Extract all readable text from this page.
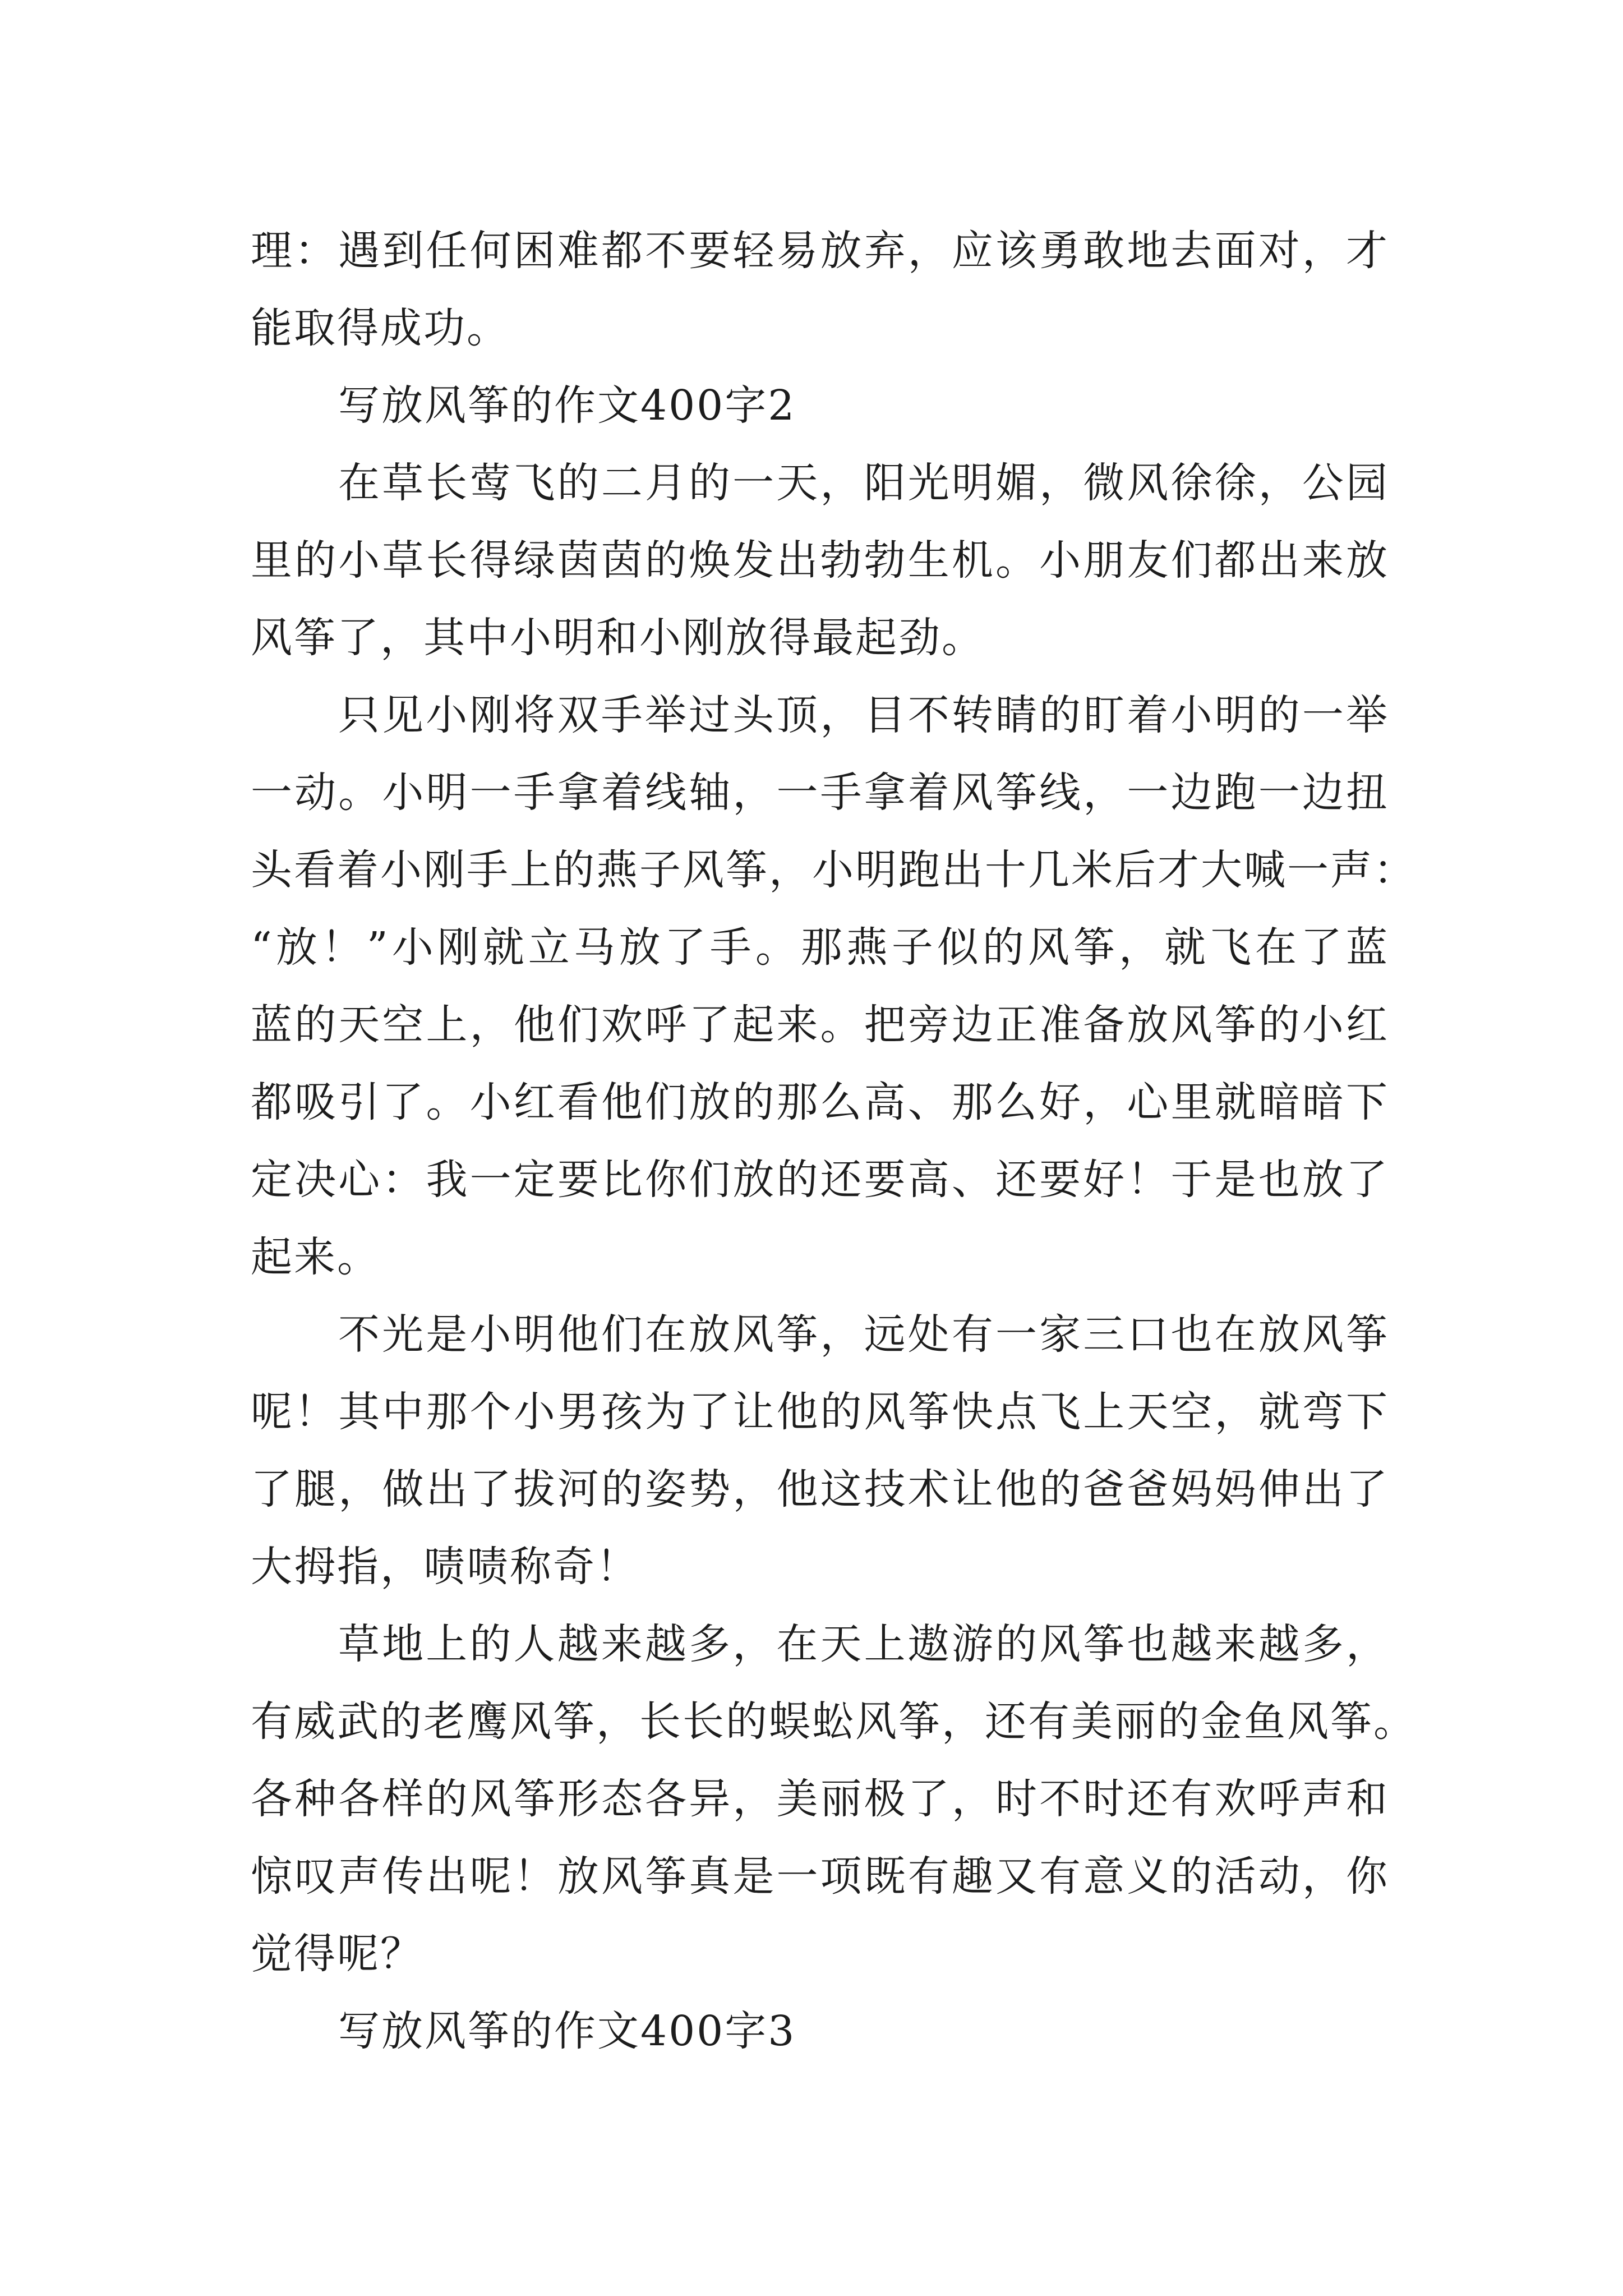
理：遇到任何困难都不要轻易放弃，应该勇敢地去面对，才
能取得成功。
写放风筝的作文400字2
在草长莺飞的二月的一天，阳光明媚，微风徐徐，公园
里的小草长得绿茵茵的焕发出勃勃生机。小朋友们都出来放
风筝了，其中小明和小刚放得最起劲。
只见小刚将双手举过头顶，目不转睛的盯着小明的一举
一动。小明一手拿着线轴，一手拿着风筝线，一边跑一边扭
头看着小刚手上的燕子风筝，小明跑出十几米后才大喊一声：
“放！”小刚就立马放了手。那燕子似的风筝，就飞在了蓝
蓝的天空上，他们欢呼了起来。把旁边正准备放风筝的小红
都吸引了。小红看他们放的那么高、那么好，心里就暗暗下
定决心：我一定要比你们放的还要高、还要好！于是也放了
起来。
不光是小明他们在放风筝，远处有一家三口也在放风筝
呢！其中那个小男孩为了让他的风筝快点飞上天空，就弯下
了腿，做出了拔河的姿势，他这技术让他的爸爸妈妈伸出了
大拇指，啧啧称奇！
草地上的人越来越多，在天上遨游的风筝也越来越多，
有威武的老鹰风筝，长长的蜈蚣风筝，还有美丽的金鱼风筝。
各种各样的风筝形态各异，美丽极了，时不时还有欢呼声和
惊叹声传出呢！放风筝真是一项既有趣又有意义的活动，你
觉得呢？
写放风筝的作文400字3
